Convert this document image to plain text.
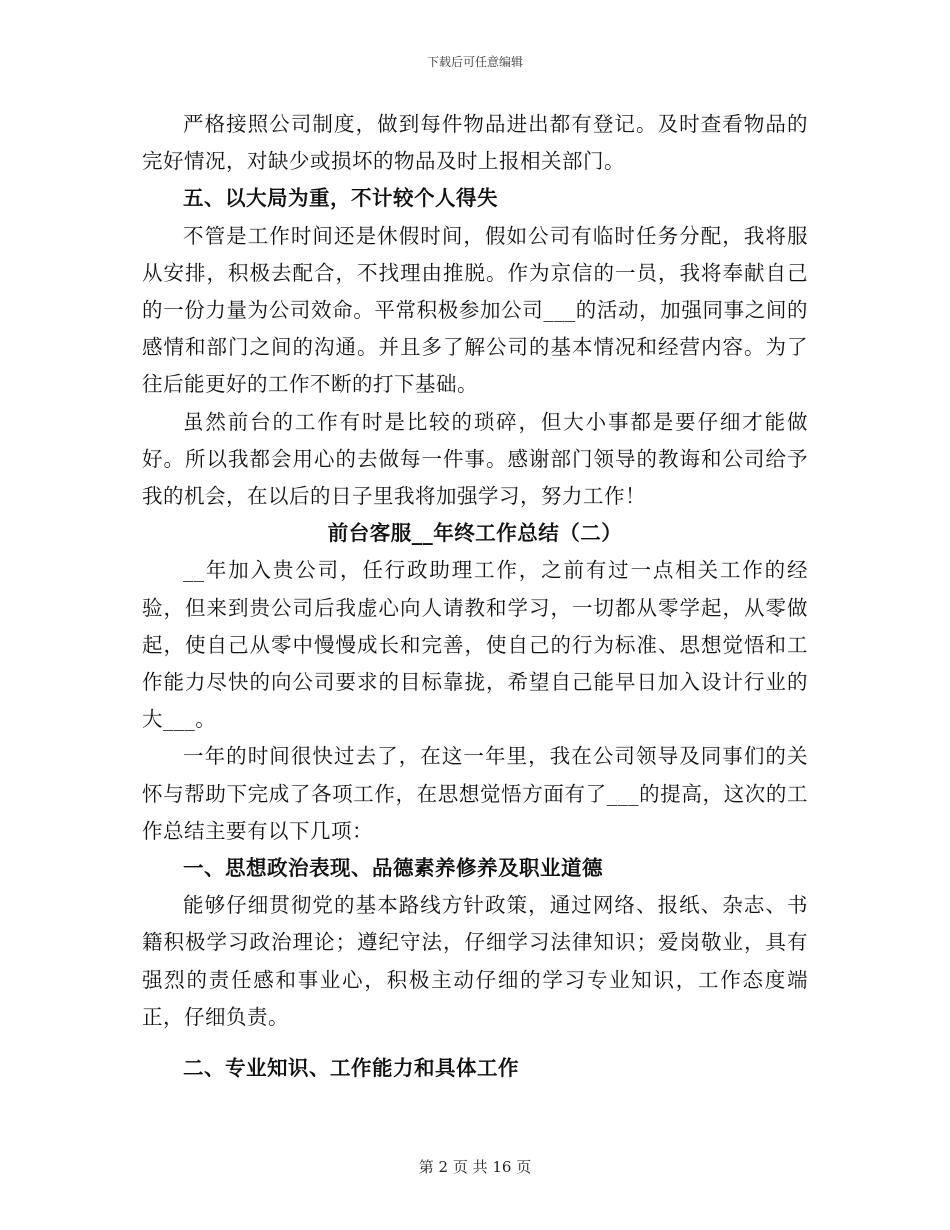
下载后可任意编辑

严格接照公司制度，做到每件物品进出都有登记。及时查看物品的完好情况，对缺少或损坏的物品及时上报相关部门。

五、以大局为重，不计较个人得失

不管是工作时间还是休假时间，假如公司有临时任务分配，我将服从安排，积极去配合，不找理由推脱。作为京信的一员，我将奉献自己的一份力量为公司效命。平常积极参加公司___的活动，加强同事之间的感情和部门之间的沟通。并且多了解公司的基本情况和经营内容。为了往后能更好的工作不断的打下基础。

虽然前台的工作有时是比较的琐碎，但大小事都是要仔细才能做好。所以我都会用心的去做每一件事。感谢部门领导的教诲和公司给予我的机会，在以后的日子里我将加强学习，努力工作！

前台客服__年终工作总结（二）

__年加入贵公司，任行政助理工作，之前有过一点相关工作的经验，但来到贵公司后我虚心向人请教和学习，一切都从零学起，从零做起，使自己从零中慢慢成长和完善，使自己的行为标准、思想觉悟和工作能力尽快的向公司要求的目标靠拢，希望自己能早日加入设计行业的大___。

一年的时间很快过去了，在这一年里，我在公司领导及同事们的关怀与帮助下完成了各项工作，在思想觉悟方面有了___的提高，这次的工作总结主要有以下几项：

一、思想政治表现、品德素养修养及职业道德

能够仔细贯彻党的基本路线方针政策，通过网络、报纸、杂志、书籍积极学习政治理论；遵纪守法，仔细学习法律知识；爱岗敬业，具有强烈的责任感和事业心，积极主动仔细的学习专业知识，工作态度端正，仔细负责。

二、专业知识、工作能力和具体工作

第 2 页 共 16 页
